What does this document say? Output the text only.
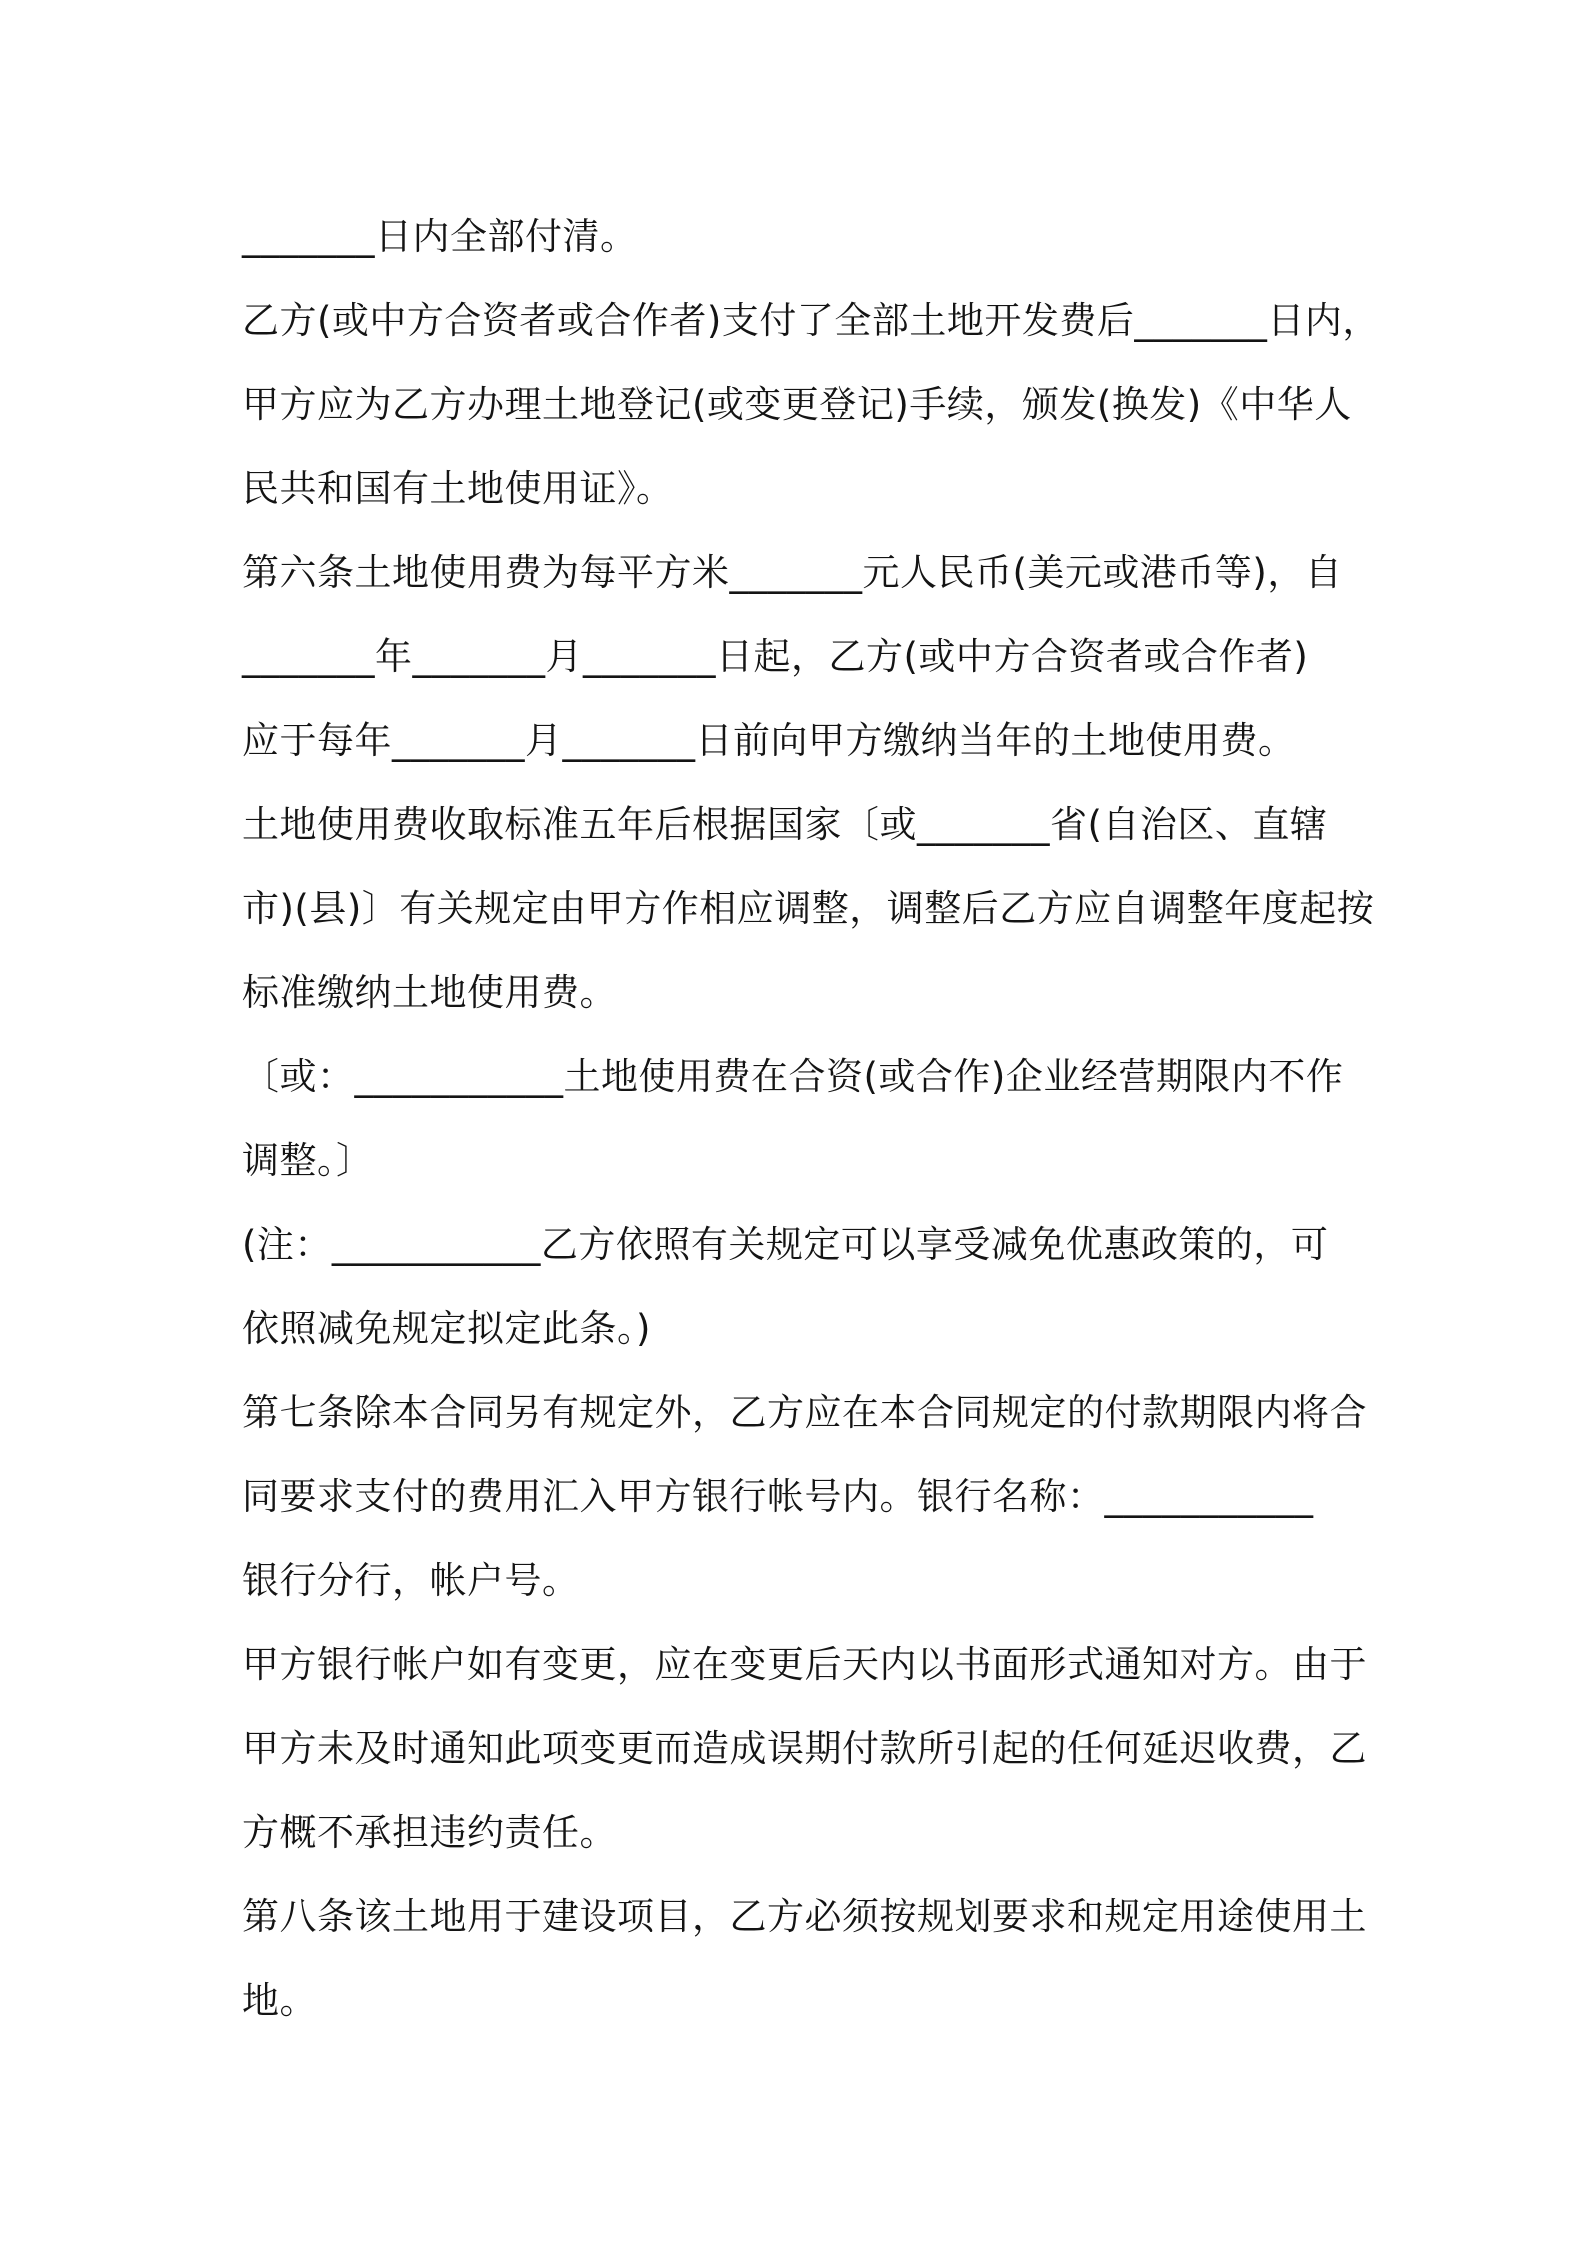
_______日内全部付清。
乙方(或中方合资者或合作者)支付了全部土地开发费后_______日内，
甲方应为乙方办理土地登记(或变更登记)手续，颁发(换发)《中华人
民共和国有土地使用证》。
第六条土地使用费为每平方米_______元人民币(美元或港币等)，自
_______年_______月_______日起，乙方(或中方合资者或合作者)
应于每年_______月_______日前向甲方缴纳当年的土地使用费。
土地使用费收取标准五年后根据国家〔或_______省(自治区、直辖
市)(县)〕有关规定由甲方作相应调整，调整后乙方应自调整年度起按
标准缴纳土地使用费。
〔或：___________土地使用费在合资(或合作)企业经营期限内不作
调整。〕
(注：___________乙方依照有关规定可以享受减免优惠政策的，可
依照减免规定拟定此条。)
第七条除本合同另有规定外，乙方应在本合同规定的付款期限内将合
同要求支付的费用汇入甲方银行帐号内。银行名称：___________
银行分行，帐户号。
甲方银行帐户如有变更，应在变更后天内以书面形式通知对方。由于
甲方未及时通知此项变更而造成误期付款所引起的任何延迟收费，乙
方概不承担违约责任。
第八条该土地用于建设项目，乙方必须按规划要求和规定用途使用土
地。
